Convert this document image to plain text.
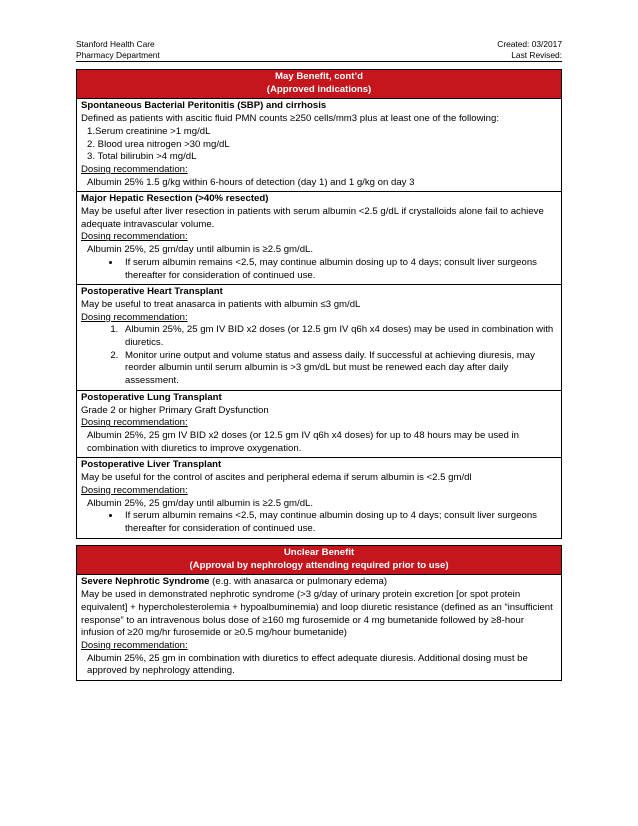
Stanford Health Care
Pharmacy Department
Created: 03/2017
Last Revised:
May Benefit, cont’d
(Approved indications)

Spontaneous Bacterial Peritonitis (SBP) and cirrhosis
Defined as patients with ascitic fluid PMN counts ≥250 cells/mm3 plus at least one of the following:
1.Serum creatinine >1 mg/dL
2. Blood urea nitrogen >30 mg/dL
3. Total bilirubin >4 mg/dL
Dosing recommendation:
Albumin 25% 1.5 g/kg within 6-hours of detection (day 1) and 1 g/kg on day 3

Major Hepatic Resection (>40% resected)
May be useful after liver resection in patients with serum albumin <2.5 g/dL if crystalloids alone fail to achieve adequate intravascular volume.
Dosing recommendation:
Albumin 25%, 25 gm/day until albumin is ≥2.5 gm/dL.
• If serum albumin remains <2.5, may continue albumin dosing up to 4 days; consult liver surgeons thereafter for consideration of continued use.

Postoperative Heart Transplant
May be useful to treat anasarca in patients with albumin ≤3 gm/dL
Dosing recommendation:
1. Albumin 25%, 25 gm IV BID x2 doses (or 12.5 gm IV q6h x4 doses) may be used in combination with diuretics.
2. Monitor urine output and volume status and assess daily. If successful at achieving diuresis, may reorder albumin until serum albumin is >3 gm/dL but must be renewed each day after daily assessment.

Postoperative Lung Transplant
Grade 2 or higher Primary Graft Dysfunction
Dosing recommendation:
Albumin 25%, 25 gm IV BID x2 doses (or 12.5 gm IV q6h x4 doses) for up to 48 hours may be used in combination with diuretics to improve oxygenation.

Postoperative Liver Transplant
May be useful for the control of ascites and peripheral edema if serum albumin is <2.5 gm/dl
Dosing recommendation:
Albumin 25%, 25 gm/day until albumin is ≥2.5 gm/dL.
• If serum albumin remains <2.5, may continue albumin dosing up to 4 days; consult liver surgeons thereafter for consideration of continued use.
Unclear Benefit
(Approval by nephrology attending required prior to use)

Severe Nephrotic Syndrome (e.g. with anasarca or pulmonary edema)
May be used in demonstrated nephrotic syndrome (>3 g/day of urinary protein excretion [or spot protein equivalent] + hypercholesterolemia + hypoalbuminemia) and loop diuretic resistance (defined as an “insufficient response” to an intravenous bolus dose of ≥160 mg furosemide or 4 mg bumetanide followed by ≥8-hour infusion of ≥20 mg/hr furosemide or ≥0.5 mg/hour bumetanide)
Dosing recommendation:
Albumin 25%, 25 gm in combination with diuretics to effect adequate diuresis. Additional dosing must be approved by nephrology attending.
